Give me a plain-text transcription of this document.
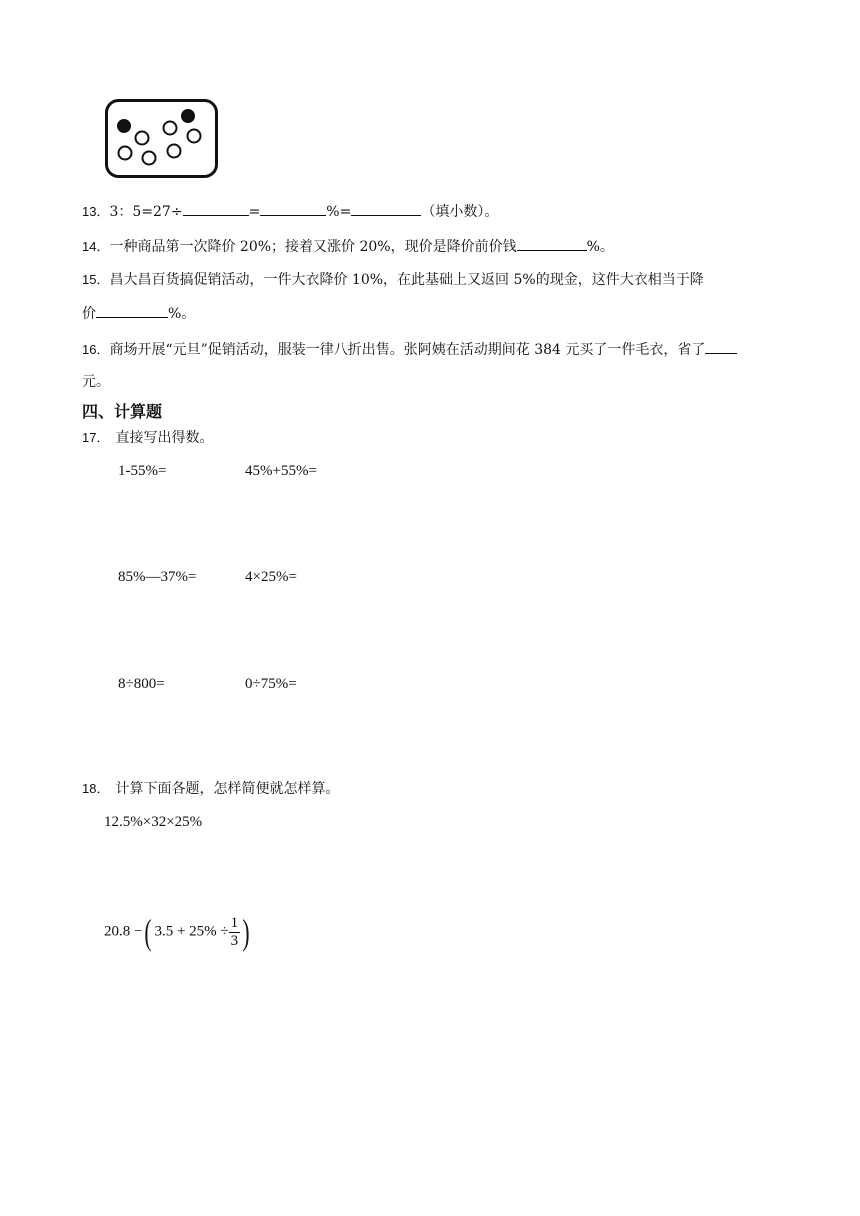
13．3：5=27÷	=	%=	（填小数）。
14．一种商品第一次降价 20%；接着又涨价 20%，现价是降价前价钱	%。
15．昌大昌百货搞促销活动，一件大衣降价 10%，在此基础上又返回 5%的现金，这件大衣相当于降
价	%。
16．商场开展“元旦”促销活动，服装一律八折出售。张阿姨在活动期间花 384 元买了一件毛衣，省了
元。
四、计算题
17． 直接写出得数。
1-55%=	45%+55%=
85%—37%=	4×25%=
8÷800=	0÷75%=
18． 计算下面各题，怎样简便就怎样算。
12.5%×32×25%
20.8 −( $3.5 + 25\% \div \frac{1}{3}$ )
